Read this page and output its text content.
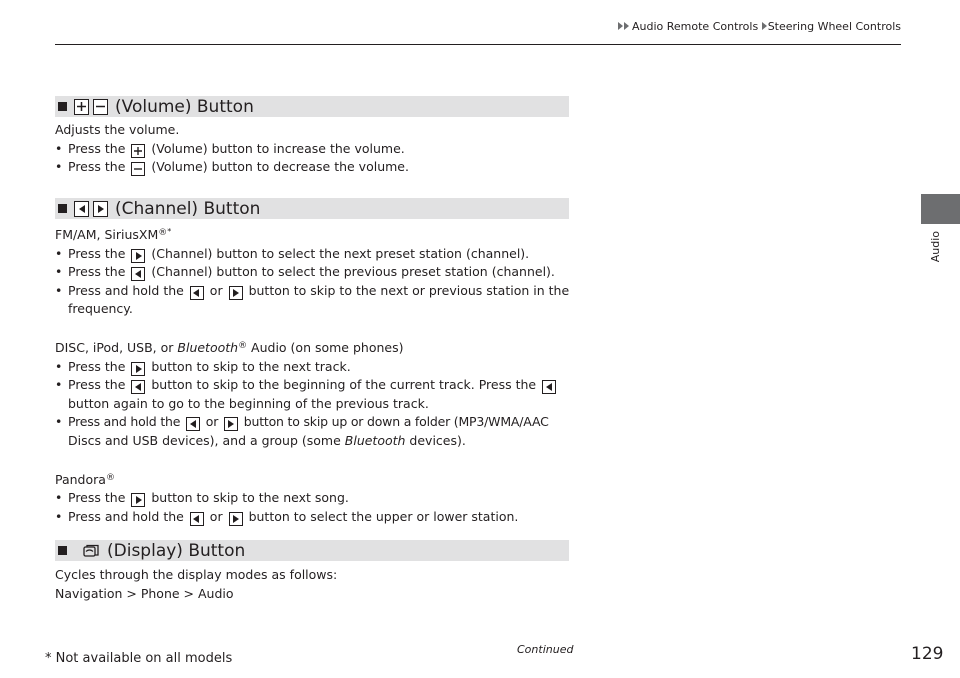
Audio Remote Controls Steering Wheel Controls
Audio
(Volume) Button
Adjusts the volume.
• Press the (Volume) button to increase the volume.
• Press the (Volume) button to decrease the volume.
(Channel) Button
FM/AM, SiriusXM®*
• Press the (Channel) button to select the next preset station (channel).
• Press the (Channel) button to select the previous preset station (channel).
• Press and hold the or button to skip to the next or previous station in the
frequency.
DISC, iPod, USB, or Bluetooth® Audio (on some phones)
• Press the button to skip to the next track.
• Press the button to skip to the beginning of the current track. Press the
button again to go to the beginning of the previous track.
• Press and hold the or button to skip up or down a folder (MP3/WMA/AAC
Discs and USB devices), and a group (some Bluetooth devices).
Pandora®
• Press the button to skip to the next song.
• Press and hold the or button to select the upper or lower station.
(Display) Button
Cycles through the display modes as follows:
Navigation > Phone > Audio
Continued
* Not available on all models	129
